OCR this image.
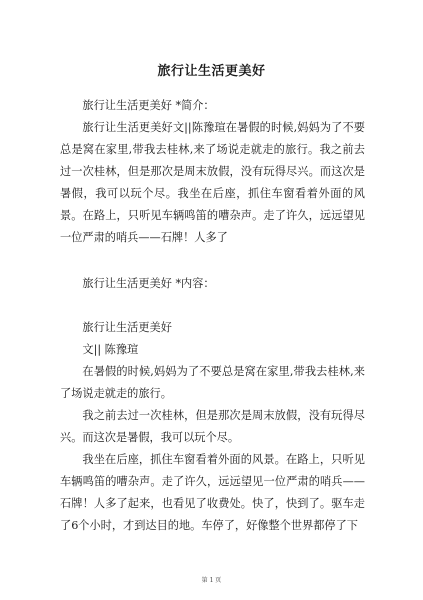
旅行让生活更美好

旅行让生活更美好 *简介：

旅行让生活更美好文||陈豫瑄在暑假的时候,妈妈为了不要总是窝在家里,带我去桂林,来了场说走就走的旅行。我之前去过一次桂林，但是那次是周末放假，没有玩得尽兴。而这次是暑假，我可以玩个尽。我坐在后座，抓住车窗看着外面的风景。在路上，只听见车辆鸣笛的嘈杂声。走了许久，远远望见一位严肃的哨兵——石牌！人多了

旅行让生活更美好 *内容：

旅行让生活更美好

文|| 陈豫瑄

在暑假的时候,妈妈为了不要总是窝在家里,带我去桂林,来了场说走就走的旅行。

我之前去过一次桂林，但是那次是周末放假，没有玩得尽兴。而这次是暑假，我可以玩个尽。

我坐在后座，抓住车窗看着外面的风景。在路上，只听见车辆鸣笛的嘈杂声。走了许久，远远望见一位严肃的哨兵——石牌！人多了起来，也看见了收费处。快了，快到了。驱车走了6个小时，才到达目的地。车停了，好像整个世界都停了下

第 1 页
